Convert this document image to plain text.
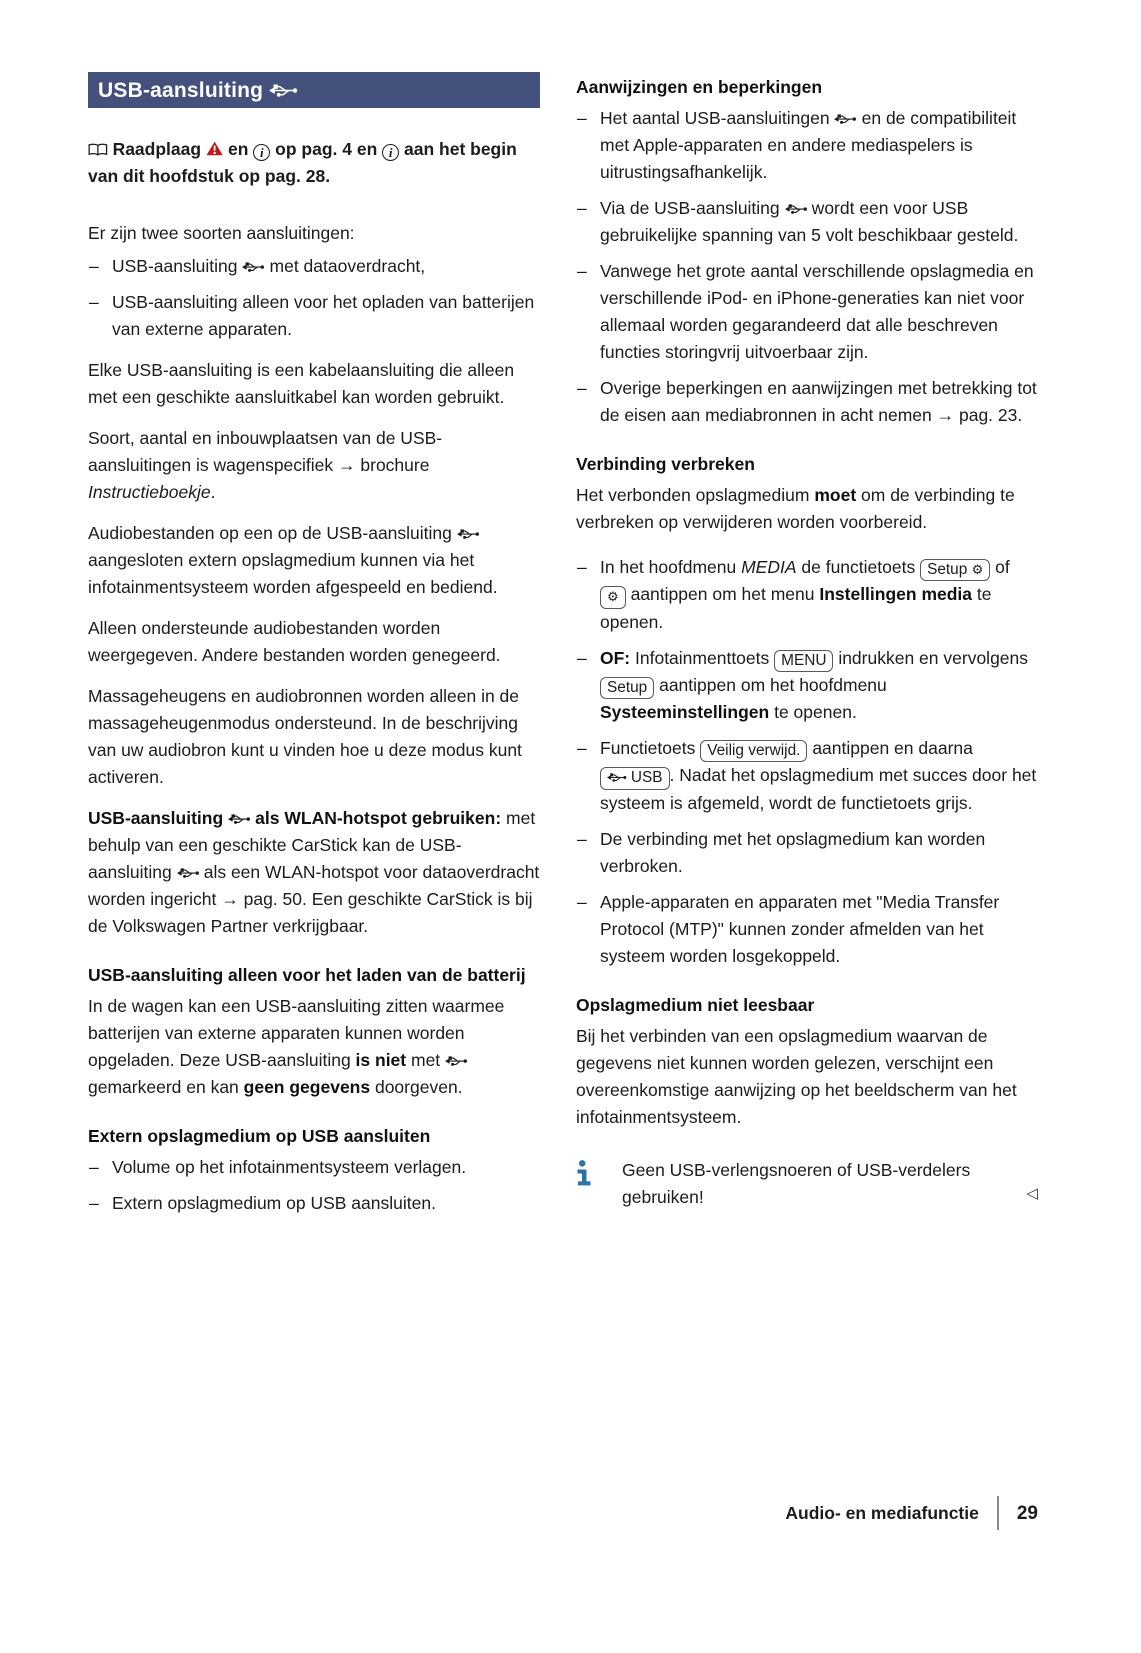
USB-aansluiting

Raadplaag  en i op pag. 4 en i aan het begin van dit hoofdstuk op pag. 28.

Er zijn twee soorten aansluitingen:

– USB-aansluiting  met dataoverdracht,
– USB-aansluiting alleen voor het opladen van batterijen van externe apparaten.

Elke USB-aansluiting is een kabelaansluiting die alleen met een geschikte aansluitkabel kan worden gebruikt.

Soort, aantal en inbouwplaatsen van de USB-aansluitingen is wagenspecifiek → brochure Instructieboekje.

Audiobestanden op een op de USB-aansluiting  aangesloten extern opslagmedium kunnen via het infotainmentsysteem worden afgespeeld en bediend.

Alleen ondersteunde audiobestanden worden weergegeven. Andere bestanden worden genegeerd.

Massageheugens en audiobronnen worden alleen in de massageheugenmodus ondersteund. In de beschrijving van uw audiobron kunt u vinden hoe u deze modus kunt activeren.

USB-aansluiting  als WLAN-hotspot gebruiken: met behulp van een geschikte CarStick kan de USB-aansluiting  als een WLAN-hotspot voor dataoverdracht worden ingericht → pag. 50. Een geschikte CarStick is bij de Volkswagen Partner verkrijgbaar.

USB-aansluiting alleen voor het laden van de batterij

In de wagen kan een USB-aansluiting zitten waarmee batterijen van externe apparaten kunnen worden opgeladen. Deze USB-aansluiting is niet met  gemarkeerd en kan geen gegevens doorgeven.

Extern opslagmedium op USB aansluiten
– Volume op het infotainmentsysteem verlagen.
– Extern opslagmedium op USB aansluiten.
Aanwijzingen en beperkingen
– Het aantal USB-aansluitingen  en de compatibiliteit met Apple-apparaten en andere mediaspelers is uitrustingsafhankelijk.
– Via de USB-aansluiting  wordt een voor USB gebruikelijke spanning van 5 volt beschikbaar gesteld.
– Vanwege het grote aantal verschillende opslagmedia en verschillende iPod- en iPhone-generaties kan niet voor allemaal worden gegarandeerd dat alle beschreven functies storingvrij uitvoerbaar zijn.
– Overige beperkingen en aanwijzingen met betrekking tot de eisen aan mediabronnen in acht nemen → pag. 23.
Verbinding verbreken

Het verbonden opslagmedium moet om de verbinding te verbreken op verwijderen worden voorbereid.

– In het hoofdmenu MEDIA de functietoets Setup ⚙ of ⚙ aantippen om het menu Instellingen media te openen.
– OF: Infotainmenttoets MENU indrukken en vervolgens Setup aantippen om het hoofdmenu Systeeminstellingen te openen.
– Functietoets Veilig verwijd. aantippen en daarna  USB . Nadat het opslagmedium met succes door het systeem is afgemeld, wordt de functietoets grijs.
– De verbinding met het opslagmedium kan worden verbroken.
– Apple-apparaten en apparaten met "Media Transfer Protocol (MTP)" kunnen zonder afmelden van het systeem worden losgekoppeld.
Opslagmedium niet leesbaar

Bij het verbinden van een opslagmedium waarvan de gegevens niet kunnen worden gelezen, verschijnt een overeenkomstige aanwijzing op het beeldscherm van het infotainmentsysteem.

Geen USB-verlengsnoeren of USB-verdelers gebruiken!	◁
Audio- en mediafunctie 29
